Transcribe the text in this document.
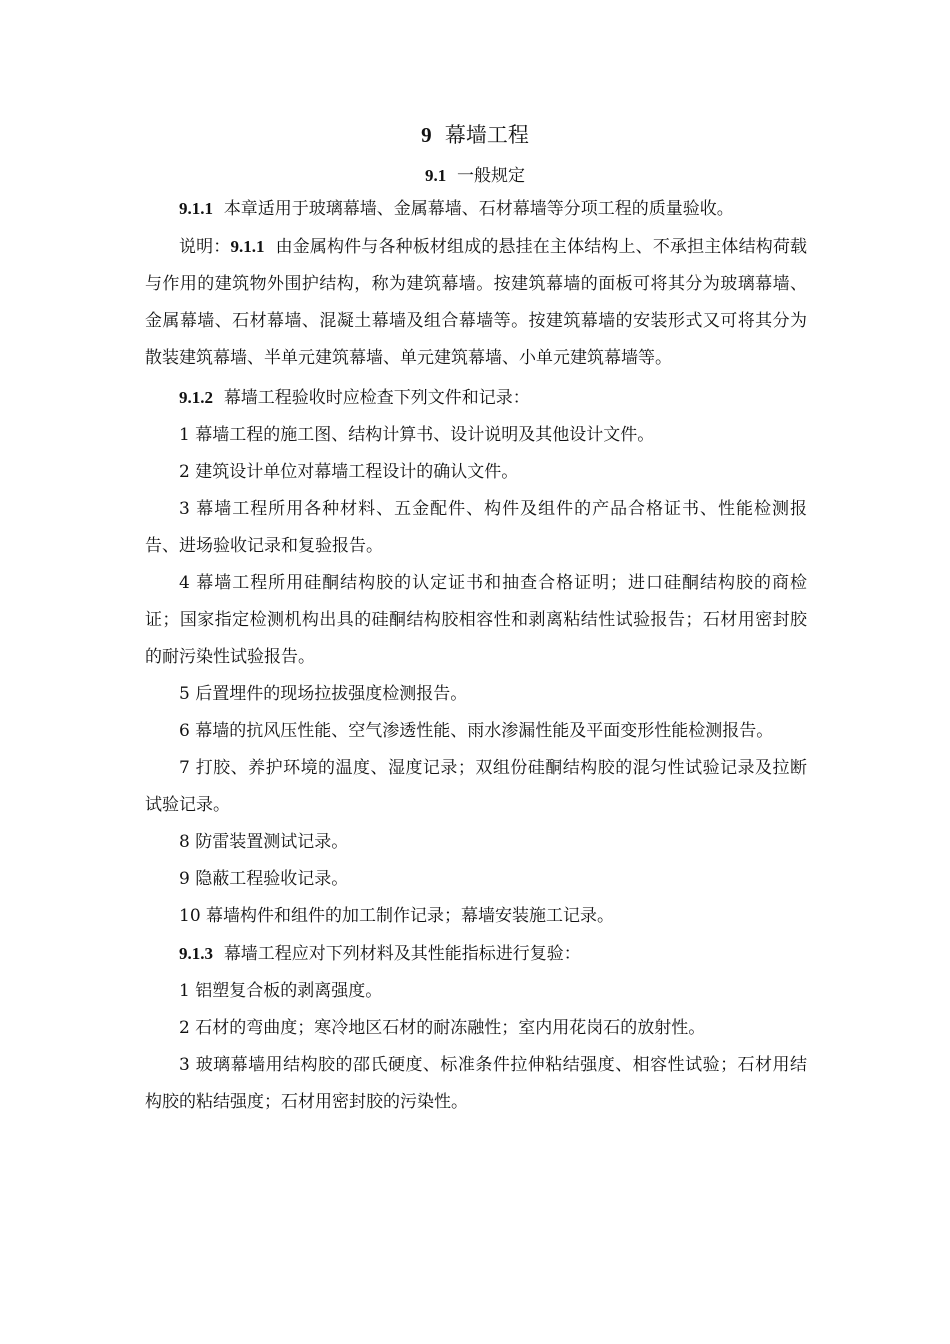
9 幕墙工程
9.1 一般规定

9.1.1 本章适用于玻璃幕墙、金属幕墙、石材幕墙等分项工程的质量验收。

说明：9.1.1 由金属构件与各种板材组成的悬挂在主体结构上、不承担主体结构荷载与作用的建筑物外围护结构，称为建筑幕墙。按建筑幕墙的面板可将其分为玻璃幕墙、金属幕墙、石材幕墙、混凝土幕墙及组合幕墙等。按建筑幕墙的安装形式又可将其分为散装建筑幕墙、半单元建筑幕墙、单元建筑幕墙、小单元建筑幕墙等。

9.1.2 幕墙工程验收时应检查下列文件和记录：

1 幕墙工程的施工图、结构计算书、设计说明及其他设计文件。

2 建筑设计单位对幕墙工程设计的确认文件。

3 幕墙工程所用各种材料、五金配件、构件及组件的产品合格证书、性能检测报告、进场验收记录和复验报告。

4 幕墙工程所用硅酮结构胶的认定证书和抽查合格证明；进口硅酮结构胶的商检证；国家指定检测机构出具的硅酮结构胶相容性和剥离粘结性试验报告；石材用密封胶的耐污染性试验报告。

5 后置埋件的现场拉拔强度检测报告。

6 幕墙的抗风压性能、空气渗透性能、雨水渗漏性能及平面变形性能检测报告。

7 打胶、养护环境的温度、湿度记录；双组份硅酮结构胶的混匀性试验记录及拉断试验记录。

8 防雷装置测试记录。

9 隐蔽工程验收记录。

10 幕墙构件和组件的加工制作记录；幕墙安装施工记录。

9.1.3 幕墙工程应对下列材料及其性能指标进行复验：

1 铝塑复合板的剥离强度。

2 石材的弯曲度；寒冷地区石材的耐冻融性；室内用花岗石的放射性。

3 玻璃幕墙用结构胶的邵氏硬度、标准条件拉伸粘结强度、相容性试验；石材用结构胶的粘结强度；石材用密封胶的污染性。
